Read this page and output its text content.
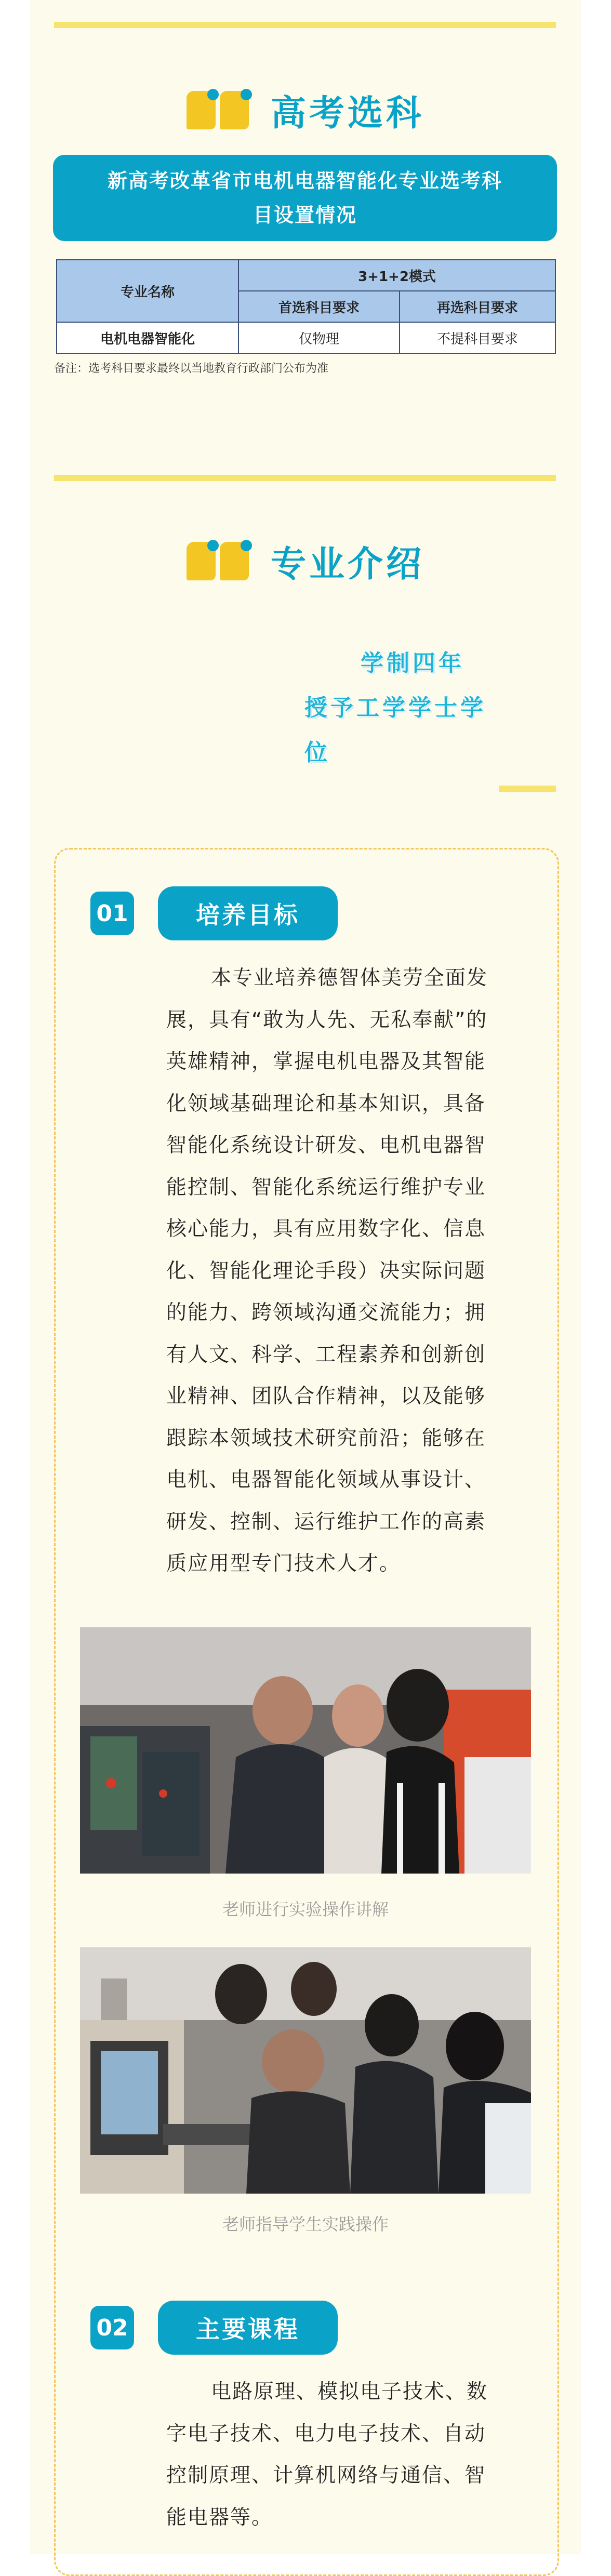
高考选科
新高考改革省市电机电器智能化专业选考科
目设置情况
专业名称	3+1+2模式	
	首选科目要求	再选科目要求
电机电器智能化	仅物理	不提科目要求
备注：选考科目要求最终以当地教育行政部门公布为准
专业介绍
学制四年
授予工学学士学
位
01	培养目标
本专业培养德智体美劳全面发
展，具有“敢为人先、无私奉献”的
英雄精神，掌握电机电器及其智能
化领域基础理论和基本知识，具备
智能化系统设计研发、电机电器智
能控制、智能化系统运行维护专业
核心能力，具有应用数字化、信息
化、智能化理论手段）决实际问题
的能力、跨领域沟通交流能力；拥
有人文、科学、工程素养和创新创
业精神、团队合作精神，以及能够
跟踪本领域技术研究前沿；能够在
电机、电器智能化领域从事设计、
研发、控制、运行维护工作的高素
质应用型专门技术人才。
老师进行实验操作讲解
老师指导学生实践操作
02	主要课程
电路原理、模拟电子技术、数
字电子技术、电力电子技术、自动
控制原理、计算机网络与通信、智
能电器等。
